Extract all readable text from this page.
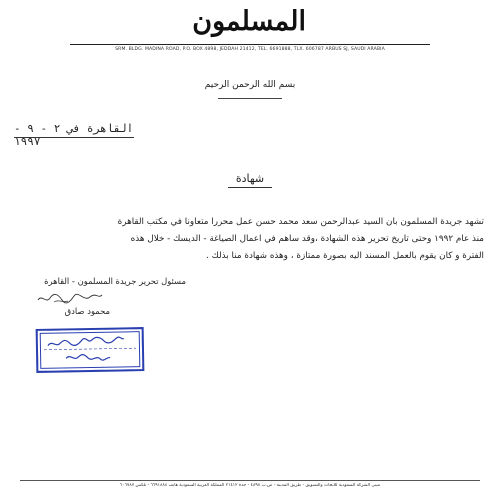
المسلمون
SRM. BLDG. MADINA ROAD, P.O. BOX 4898, JEDDAH 21412, TEL. 6691888, TLX. 606787 ARBUS SJ, SAUDI ARABIA
بسم الله الرحمن الرحيم
القاهرة في ٢ - ٩ - ١٩٩٧
شهادة
تشهد جريدة المسلمون بان السيد عبدالرحمن سعد محمد حسن عمل محررا متعاونا في مكتب القاهرة
منذ عام ١٩٩٢ وحتى تاريخ تحرير هذه الشهادة ،وقد ساهم في اعمال الصياغة - الديسك - خلال هذه
الفترة و كان يقوم بالعمل المسند اليه بصورة ممتازة ، وهذه شهادة منا بذلك .
مسئول تحرير جريدة المسلمون - القاهرة
محمود صادق
مبنى الشركة السعودية للأبحاث والتسويق - طريق المدينة - ص.ب ٤٨٩٨ - جدة ٢١٤١٢ المملكة العربية السعودية هاتف ٦٦٩١٨٨٨ - تلكس ٦٠٦٧٨٧
